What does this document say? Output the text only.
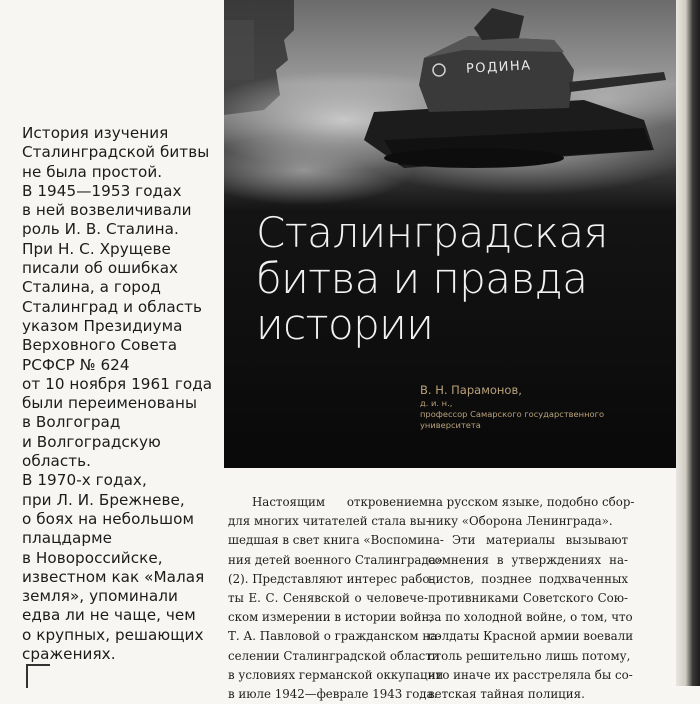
История изучения
Сталинградской битвы
не была простой.
В 1945—1953 годах
в ней возвеличивали
роль И. В. Сталина.
При Н. С. Хрущеве
писали об ошибках
Сталина, а город
Сталинград и область
указом Президиума
Верховного Совета
РСФСР № 624
от 10 ноября 1961 года
были переименованы
в Волгоград
и Волгоградскую
область.
В 1970-х годах,
при Л. И. Брежневе,
о боях на небольшом
плацдарме
в Новороссийске,
известном как «Малая
земля», упоминали
едва ли не чаще, чем
о крупных, решающих
сражениях.
РОДИНА
Сталинградская
битва и правда
истории
В. Н. Парамонов,
д. и. н.,
профессор Самарского государственного
университета
Настоящим откровением
для многих читателей стала вы-
шедшая в свет книга «Воспомина-
ния детей военного Сталинграда»
(2). Представляют интерес рабо-
ты Е. С. Сенявской о человече-
ском измерении в истории войн,
Т. А. Павловой о гражданском на-
селении Сталинградской области
в условиях германской оккупации
в июле 1942—феврале 1943 года.
на русском языке, подобно сбор-
нику «Оборона Ленинграда».
Эти материалы вызывают
сомнения в утверждениях на-
цистов, позднее подхваченных
противниками Советского Сою-
за по холодной войне, о том, что
солдаты Красной армии воевали
столь решительно лишь потому,
что иначе их расстреляла бы со-
ветская тайная полиция.
